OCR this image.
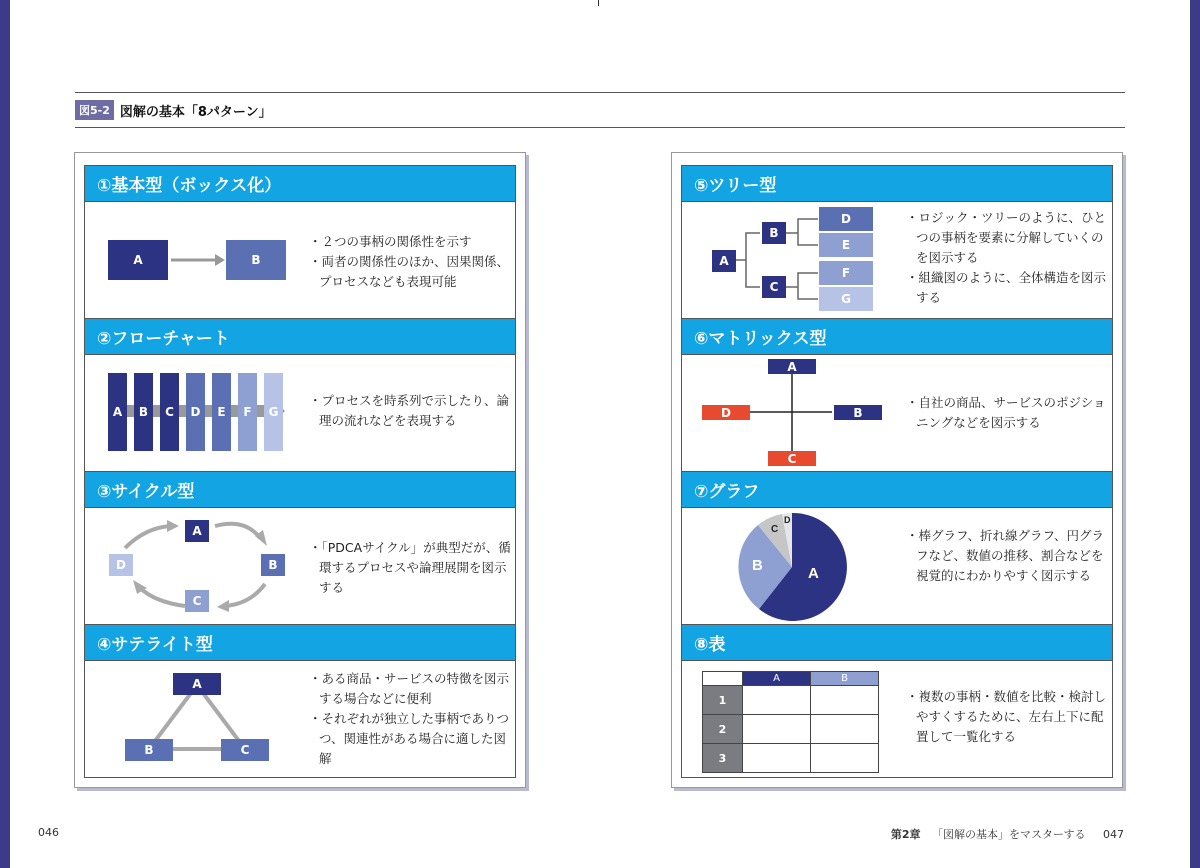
図5-2 図解の基本「8パターン」
①基本型（ボックス化）
A	B

・２つの事柄の関係性を示す

・両者の関係性のほか、因果関係、プロセスなども表現可能

②フローチャート
A	B	C	D	E	F	G

・プロセスを時系列で示したり、論理の流れなどを表現する

③サイクル型
A
B
C
D

・「PDCAサイクル」が典型だが、循環するプロセスや論理展開を図示する

④サテライト型
A
B	C

・ある商品・サービスの特徴を図示する場合などに便利

・それぞれが独立した事柄でありつつ、関連性がある場合に適した図解

⑤ツリー型
A
B
C
D
E
F
G

・ロジック・ツリーのように、ひとつの事柄を要素に分解していくのを図示する

・組織図のように、全体構造を図示する

⑥マトリックス型
A
B
C
D

・自社の商品、サービスのポジショニングなどを図示する

⑦グラフ
A
B
C
D

・棒グラフ、折れ線グラフ、円グラフなど、数値の推移、割合などを視覚的にわかりやすく図示する

⑧表
	A	B
1		
2		
3		

・複数の事柄・数値を比較・検討しやすくするために、左右上下に配置して一覧化する

046	第2章 「図解の基本」をマスターする 047
